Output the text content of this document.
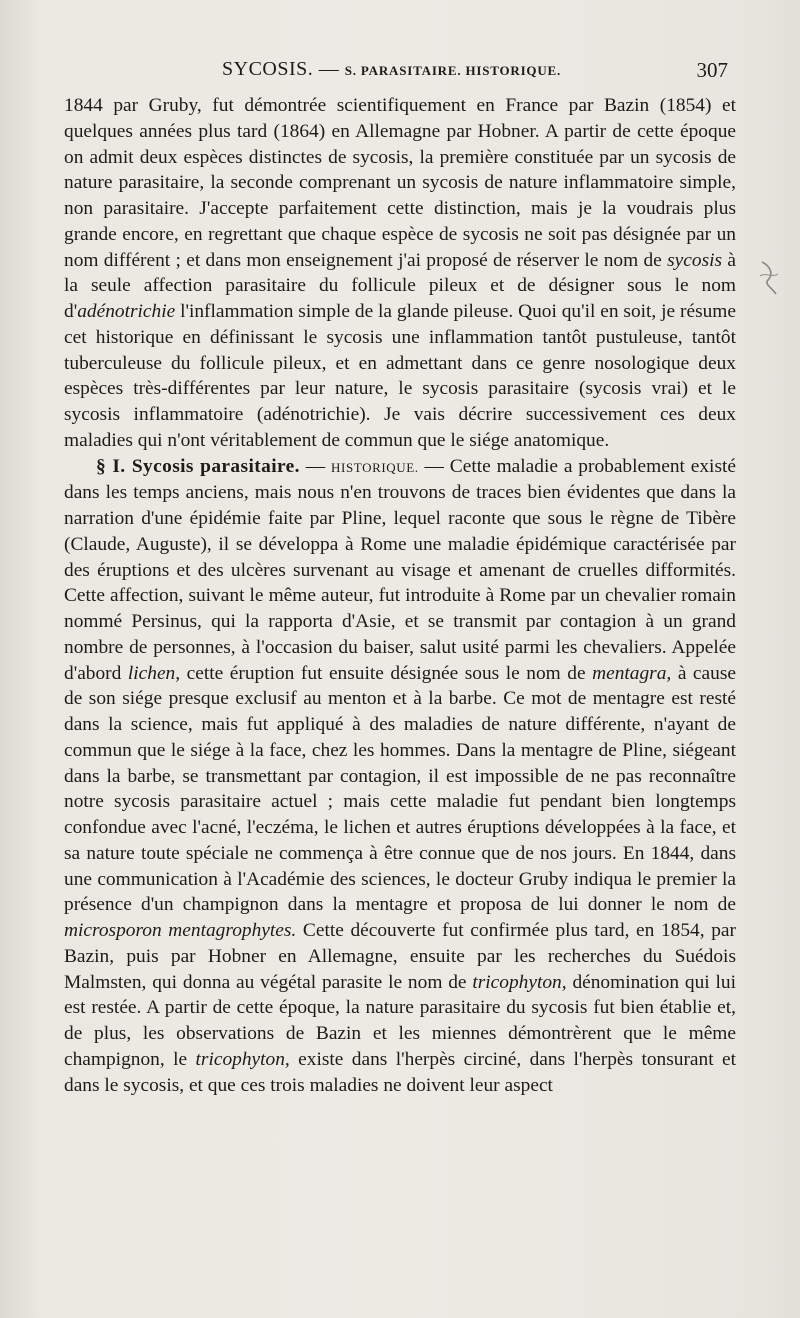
SYCOSIS. — S. PARASITAIRE. HISTORIQUE.	307

1844 par Gruby, fut démontrée scientifiquement en France par Bazin (1854) et quelques années plus tard (1864) en Allemagne par Hobner. A partir de cette époque on admit deux espèces distinctes de sycosis, la première constituée par un sycosis de nature parasitaire, la seconde comprenant un sycosis de nature inflammatoire simple, non parasitaire. J'accepte parfaitement cette distinction, mais je la voudrais plus grande encore, en regrettant que chaque espèce de sycosis ne soit pas désignée par un nom différent ; et dans mon enseignement j'ai proposé de réserver le nom de sycosis à la seule affection parasitaire du follicule pileux et de désigner sous le nom d'adénotrichie l'inflammation simple de la glande pileuse. Quoi qu'il en soit, je résume cet historique en définissant le sycosis une inflammation tantôt pustuleuse, tantôt tuberculeuse du follicule pileux, et en admettant dans ce genre nosologique deux espèces très-différentes par leur nature, le sycosis parasitaire (sycosis vrai) et le sycosis inflammatoire (adénotrichie). Je vais décrire successivement ces deux maladies qui n'ont véritablement de commun que le siége anatomique.

§ I. Sycosis parasitaire. — HISTORIQUE. — Cette maladie a probablement existé dans les temps anciens, mais nous n'en trouvons de traces bien évidentes que dans la narration d'une épidémie faite par Pline, lequel raconte que sous le règne de Tibère (Claude, Auguste), il se développa à Rome une maladie épidémique caractérisée par des éruptions et des ulcères survenant au visage et amenant de cruelles difformités. Cette affection, suivant le même auteur, fut introduite à Rome par un chevalier romain nommé Persinus, qui la rapporta d'Asie, et se transmit par contagion à un grand nombre de personnes, à l'occasion du baiser, salut usité parmi les chevaliers. Appelée d'abord lichen, cette éruption fut ensuite désignée sous le nom de mentagra, à cause de son siége presque exclusif au menton et à la barbe. Ce mot de mentagre est resté dans la science, mais fut appliqué à des maladies de nature différente, n'ayant de commun que le siége à la face, chez les hommes. Dans la mentagre de Pline, siégeant dans la barbe, se transmettant par contagion, il est impossible de ne pas reconnaître notre sycosis parasitaire actuel ; mais cette maladie fut pendant bien longtemps confondue avec l'acné, l'eczéma, le lichen et autres éruptions développées à la face, et sa nature toute spéciale ne commença à être connue que de nos jours. En 1844, dans une communication à l'Académie des sciences, le docteur Gruby indiqua le premier la présence d'un champignon dans la mentagre et proposa de lui donner le nom de microsporon mentagrophytes. Cette découverte fut confirmée plus tard, en 1854, par Bazin, puis par Hobner en Allemagne, ensuite par les recherches du Suédois Malmsten, qui donna au végétal parasite le nom de tricophyton, dénomination qui lui est restée. A partir de cette époque, la nature parasitaire du sycosis fut bien établie et, de plus, les observations de Bazin et les miennes démontrèrent que le même champignon, le tricophyton, existe dans l'herpès circiné, dans l'herpès tonsurant et dans le sycosis, et que ces trois maladies ne doivent leur aspect
